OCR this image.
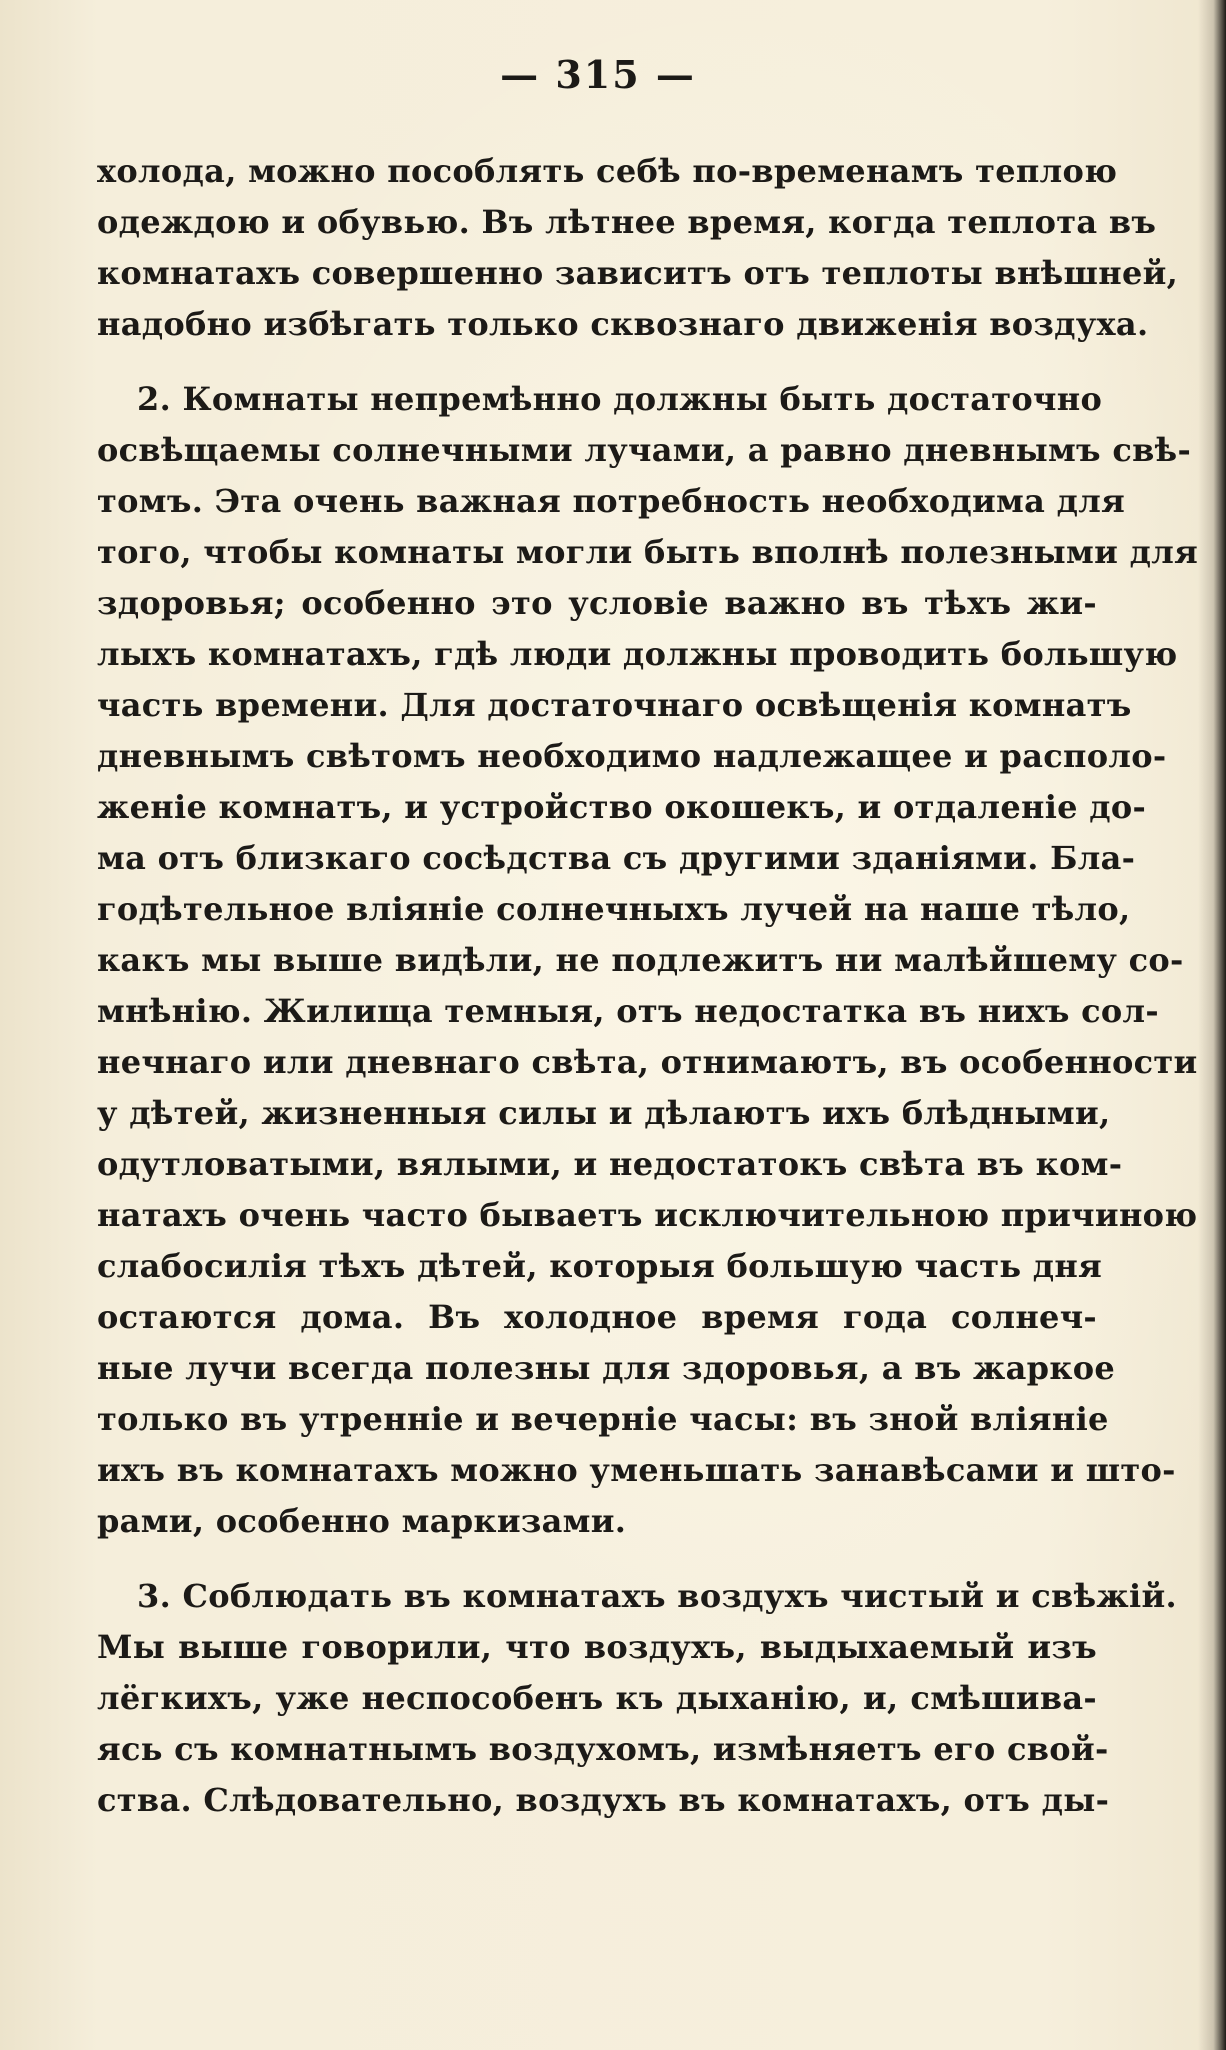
— 315 —
холода, можно пособлять себѣ по-временамъ теплою
одеждою и обувью. Въ лѣтнее время, когда теплота въ
комнатахъ совершенно зависитъ отъ теплоты внѣшней,
надобно избѣгать только сквознаго движенія воздуха.
2. Комнаты непремѣнно должны быть достаточно
освѣщаемы солнечными лучами, а равно дневнымъ свѣ-
томъ. Эта очень важная потребность необходима для
того, чтобы комнаты могли быть вполнѣ полезными для
здоровья; особенно это условіе важно въ тѣхъ жи-
лыхъ комнатахъ, гдѣ люди должны проводить большую
часть времени. Для достаточнаго освѣщенія комнатъ
дневнымъ свѣтомъ необходимо надлежащее и располо-
женіе комнатъ, и устройство окошекъ, и отдаленіе до-
ма отъ близкаго сосѣдства съ другими зданіями. Бла-
годѣтельное вліяніе солнечныхъ лучей на наше тѣло,
какъ мы выше видѣли, не подлежитъ ни малѣйшему со-
мнѣнію. Жилища темныя, отъ недостатка въ нихъ сол-
нечнаго или дневнаго свѣта, отнимаютъ, въ особенности
у дѣтей, жизненныя силы и дѣлаютъ ихъ блѣдными,
одутловатыми, вялыми, и недостатокъ свѣта въ ком-
натахъ очень часто бываетъ исключительною причиною
слабосилія тѣхъ дѣтей, которыя большую часть дня
остаются дома. Въ холодное время года солнеч-
ные лучи всегда полезны для здоровья, а въ жаркое
только въ утренніе и вечерніе часы: въ зной вліяніе
ихъ въ комнатахъ можно уменьшать занавѣсами и што-
рами, особенно маркизами.
3. Соблюдать въ комнатахъ воздухъ чистый и свѣжій.
Мы выше говорили, что воздухъ, выдыхаемый изъ
лёгкихъ, уже неспособенъ къ дыханію, и, смѣшива-
ясь съ комнатнымъ воздухомъ, измѣняетъ его свой-
ства. Слѣдовательно, воздухъ въ комнатахъ, отъ ды-
